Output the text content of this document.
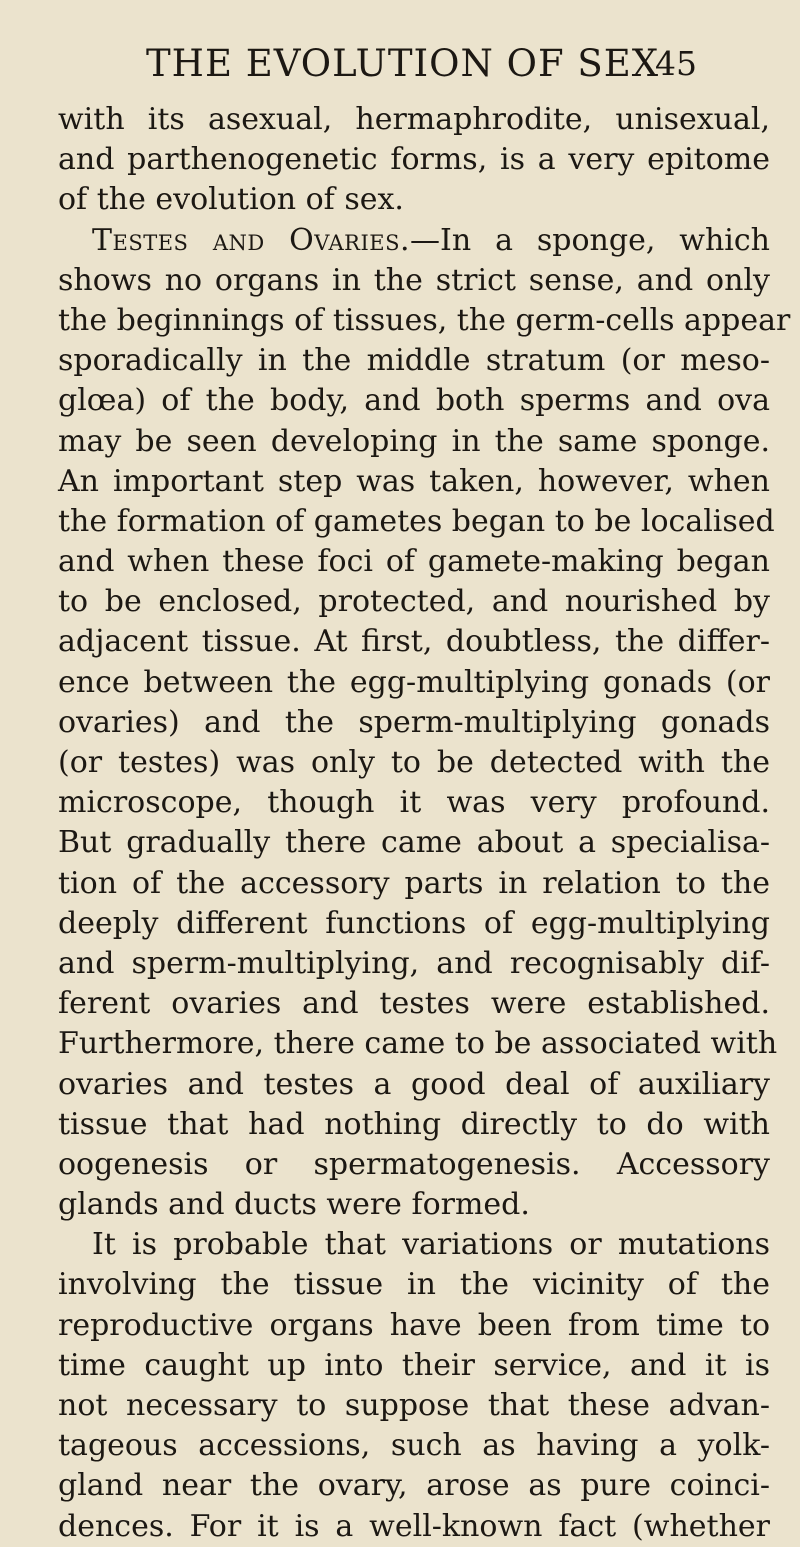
THE EVOLUTION OF SEX
45
with its asexual, hermaphrodite, unisexual,
and parthenogenetic forms, is a very epitome
of the evolution of sex.
Testes and Ovaries.—In a sponge, which
shows no organs in the strict sense, and only
the beginnings of tissues, the germ-cells appear
sporadically in the middle stratum (or meso-
glœa) of the body, and both sperms and ova
may be seen developing in the same sponge.
An important step was taken, however, when
the formation of gametes began to be localised
and when these foci of gamete-making began
to be enclosed, protected, and nourished by
adjacent tissue. At first, doubtless, the differ-
ence between the egg-multiplying gonads (or
ovaries) and the sperm-multiplying gonads
(or testes) was only to be detected with the
microscope, though it was very profound.
But gradually there came about a specialisa-
tion of the accessory parts in relation to the
deeply different functions of egg-multiplying
and sperm-multiplying, and recognisably dif-
ferent ovaries and testes were established.
Furthermore, there came to be associated with
ovaries and testes a good deal of auxiliary
tissue that had nothing directly to do with
oogenesis or spermatogenesis. Accessory
glands and ducts were formed.
It is probable that variations or mutations
involving the tissue in the vicinity of the
reproductive organs have been from time to
time caught up into their service, and it is
not necessary to suppose that these advan-
tageous accessions, such as having a yolk-
gland near the ovary, arose as pure coinci-
dences. For it is a well-known fact (whether
